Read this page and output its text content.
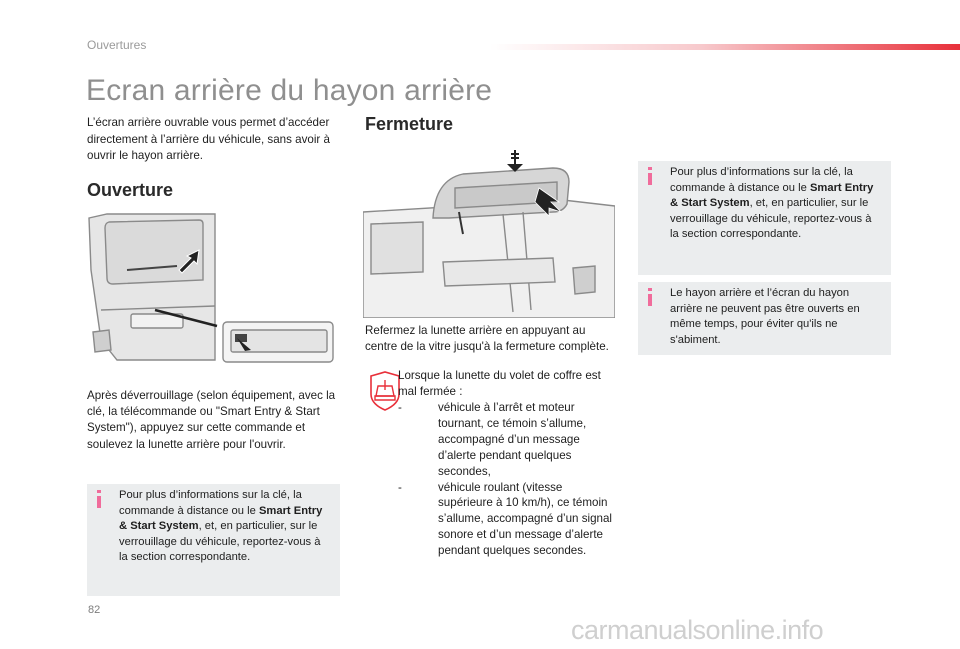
Ouvertures
Ecran arrière du hayon arrière
L’écran arrière ouvrable vous permet d’accéder directement à l’arrière du véhicule, sans avoir à ouvrir le hayon arrière.
Ouverture
Après déverrouillage (selon équipement, avec la clé, la télécommande ou "Smart Entry & Start System"), appuyez sur cette commande et soulevez la lunette arrière pour l'ouvrir.
Pour plus d’informations sur la clé, la commande à distance ou le Smart Entry & Start System, et, en particulier, sur le verrouillage du véhicule, reportez-vous à la section correspondante.
Fermeture
Refermez la lunette arrière en appuyant au centre de la vitre jusqu'à la fermeture complète.
Lorsque la lunette du volet de coffre est mal fermée :
-	véhicule à l’arrêt et moteur tournant, ce témoin s’allume, accompagné d’un message d’alerte pendant quelques secondes,
-	véhicule roulant (vitesse supérieure à 10 km/h), ce témoin s’allume, accompagné d’un signal sonore et d’un message d’alerte pendant quelques secondes.
Pour plus d’informations sur la clé, la commande à distance ou le Smart Entry & Start System, et, en particulier, sur le verrouillage du véhicule, reportez-vous à la section correspondante.
Le hayon arrière et l’écran du hayon arrière ne peuvent pas être ouverts en même temps, pour éviter qu'ils ne s'abiment.
82
carmanualsonline.info
